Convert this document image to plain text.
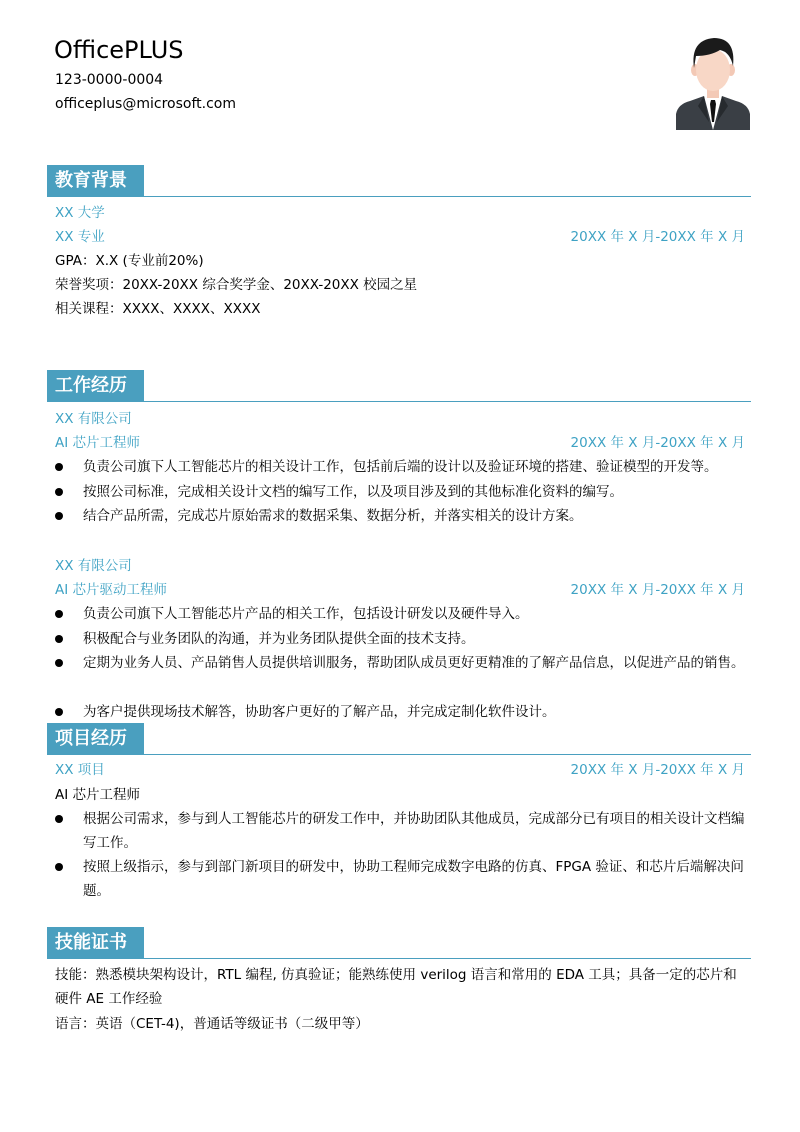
OfficePLUS
123-0000-0004
officeplus@microsoft.com
教育背景
XX 大学
XX 专业	20XX 年 X 月-20XX 年 X 月
GPA：X.X (专业前20%)
荣誉奖项：20XX-20XX 综合奖学金、20XX-20XX 校园之星
相关课程：XXXX、XXXX、XXXX
工作经历
XX 有限公司
AI 芯片工程师	20XX 年 X 月-20XX 年 X 月
负责公司旗下人工智能芯片的相关设计工作，包括前后端的设计以及验证环境的搭建、验证模型的开发等。
按照公司标准，完成相关设计文档的编写工作，以及项目涉及到的其他标准化资料的编写。
结合产品所需，完成芯片原始需求的数据采集、数据分析，并落实相关的设计方案。
XX 有限公司
AI 芯片驱动工程师	20XX 年 X 月-20XX 年 X 月
负责公司旗下人工智能芯片产品的相关工作，包括设计研发以及硬件导入。
积极配合与业务团队的沟通，并为业务团队提供全面的技术支持。
定期为业务人员、产品销售人员提供培训服务，帮助团队成员更好更精准的了解产品信息，以促进产品的销售。
为客户提供现场技术解答，协助客户更好的了解产品，并完成定制化软件设计。
项目经历
XX 项目	20XX 年 X 月-20XX 年 X 月
AI 芯片工程师
根据公司需求，参与到人工智能芯片的研发工作中，并协助团队其他成员，完成部分已有项目的相关设计文档编写工作。
按照上级指示，参与到部门新项目的研发中，协助工程师完成数字电路的仿真、FPGA 验证、和芯片后端解决问题。
技能证书
技能：熟悉模块架构设计，RTL 编程, 仿真验证；能熟练使用 verilog 语言和常用的 EDA 工具；具备一定的芯片和硬件 AE 工作经验
语言：英语（CET-4)，普通话等级证书（二级甲等）
